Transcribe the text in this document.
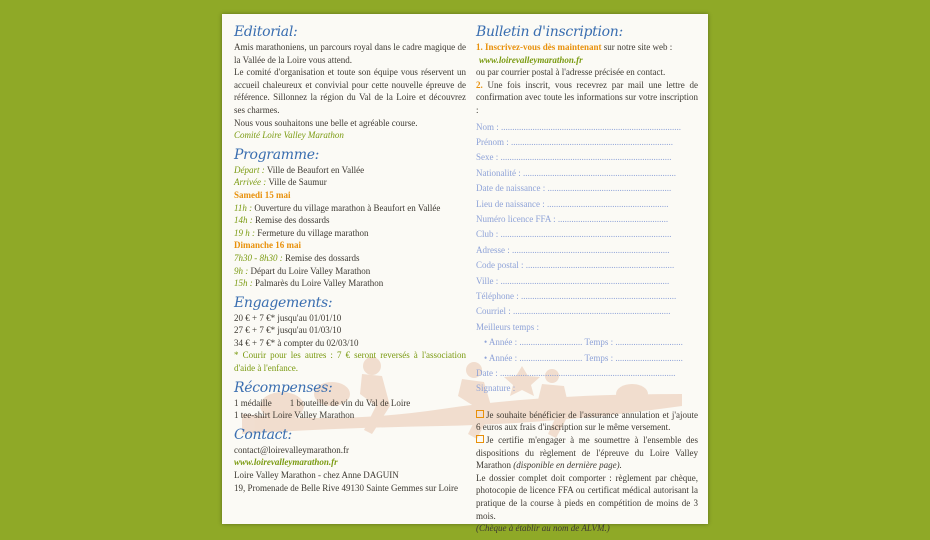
Editorial:
Amis marathoniens, un parcours royal dans le cadre magique de la Vallée de la Loire vous attend.
Le comité d'organisation et toute son équipe vous réservent un accueil chaleureux et convivial pour cette nouvelle épreuve de référence. Sillonnez la région du Val de la Loire et découvrez ses charmes.
Nous vous souhaitons une belle et agréable course.
Comité Loire Valley Marathon
Programme:
Départ : Ville de Beaufort en Vallée
Arrivée : Ville de Saumur
Samedi 15 mai
11h : Ouverture du village marathon à Beaufort en Vallée
14h : Remise des dossards
19 h : Fermeture du village marathon
Dimanche 16 mai
7h30 - 8h30 : Remise des dossards
9h : Départ du Loire Valley Marathon
15h : Palmarès du Loire Valley Marathon
Engagements:
20 € + 7 €* jusqu'au 01/01/10
27 € + 7 €* jusqu'au 01/03/10
34 € + 7 €* à compter du 02/03/10
* Courir pour les autres : 7 € seront reversés à l'association d'aide à l'enfance.
Récompenses:
1 médaille 1 bouteille de vin du Val de Loire
1 tee-shirt Loire Valley Marathon
Contact:
contact@loirevalleymarathon.fr
www.loirevalleymarathon.fr
Loire Valley Marathon - chez Anne DAGUIN
19, Promenade de Belle Rive 49130 Sainte Gemmes sur Loire
Bulletin d'inscription:
1. Inscrivez-vous dès maintenant sur notre site web :
www.loirevalleymarathon.fr
ou par courrier postal à l'adresse précisée en contact.
2. Une fois inscrit, vous recevrez par mail une lettre de confirmation avec toute les informations sur votre inscription :
Nom : ................................................................................
Prénom : ........................................................................
Sexe : ............................................................................
Nationalité : ....................................................................
Date de naissance : .......................................................
Lieu de naissance : ......................................................
Numéro licence FFA : .................................................
Club : ............................................................................
Adresse : ......................................................................
Code postal : ..................................................................
Ville : ...........................................................................
Téléphone : .....................................................................
Courriel : ......................................................................
Meilleurs temps :
• Année : ............................ Temps : ..............................
• Année : ............................ Temps : ..............................
Date : ..............................................................................
Signature :
Je souhaite bénéficier de l'assurance annulation et j'ajoute 6 euros aux frais d'inscription sur le même versement.
Je certifie m'engager à me soumettre à l'ensemble des dispositions du règlement de l'épreuve du Loire Valley Marathon (disponible en dernière page).
Le dossier complet doit comporter : règlement par chèque, photocopie de licence FFA ou certificat médical autorisant la pratique de la course à pieds en compétition de moins de 3 mois.
(Chèque à établir au nom de ALVM.)
